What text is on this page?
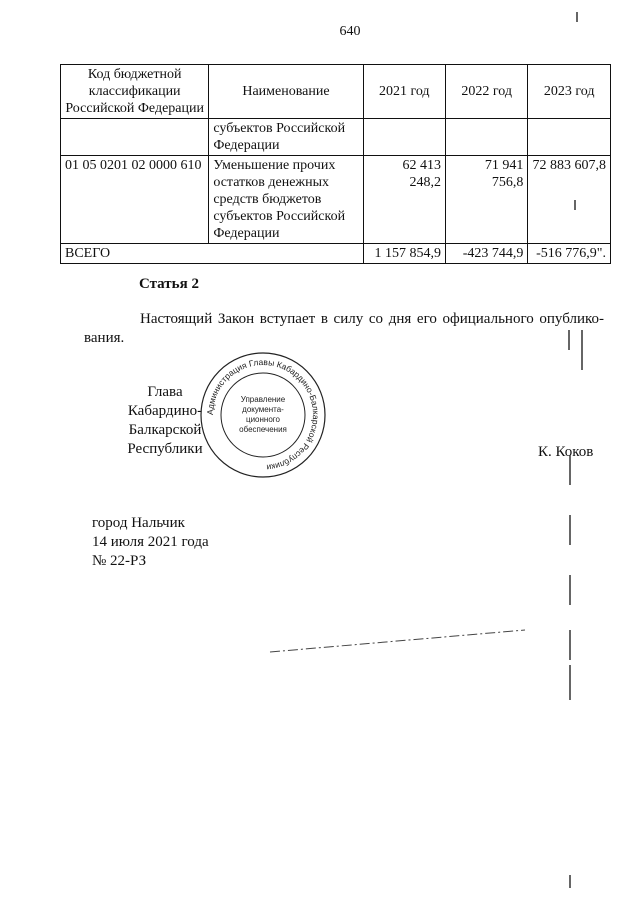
640
Код бюджетной классификации Российской Федерации	Наименование	2021 год	2022 год	2023 год
	субъектов Российской Федерации			
01 05 0201 02 0000 610	Уменьшение прочих остатков денежных средств бюджетов субъектов Российской Федерации	62 413 248,2	71 941 756,8	72 883 607,8
ВСЕГО		1 157 854,9	-423 744,9	-516 776,9".
Статья 2
Настоящий Закон вступает в силу со дня его официального опублико-вания.
Глава
Кабардино-Балкарской
Республики
Администрация Главы Кабардино-Балкарской Республики
Управление
документа-
ционного
обеспечения
К. Коков
город Нальчик
14 июля 2021 года
№ 22-РЗ
